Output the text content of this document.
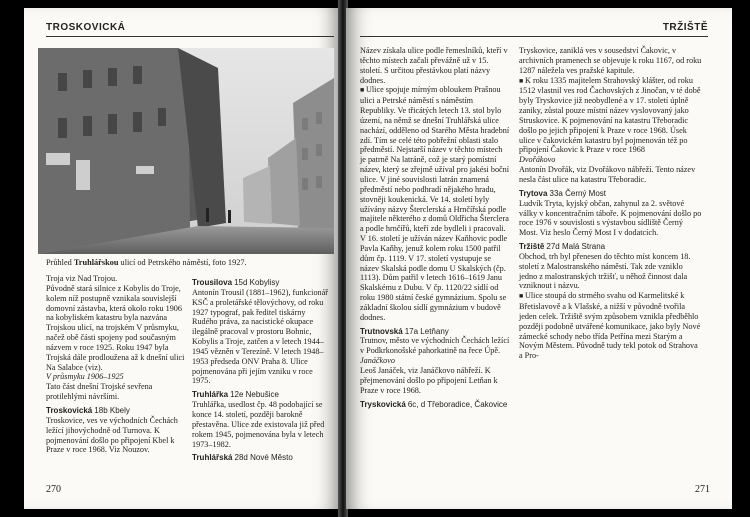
TROSKOVICKÁ
Průhled Truhlářskou ulicí od Petrského náměstí, foto 1927.
Troja viz Nad Trojou.
Původně stará silnice z Kobylis do Troje, kolem níž postupně vznikala souvislejší domovní zástavba, která okolo roku 1906 na kobyliském katastru byla nazvána Trojskou ulicí, na trojském V průsmyku, načež obě části spojeny pod současným názvem v roce 1925. Roku 1947 byla Trojská dále prodloužena až k dnešní ulici Na Salabce (viz).
V průsmyku 1906–1925
Tato část dnešní Trojské sevřena protilehlými návršími.
Troskovická 18b Kbely
Troskovice, ves ve východních Čechách ležící jihovýchodně od Turnova. K pojmenování došlo po připojení Kbel k Praze v roce 1968. Viz Nouzov.
Trousilova 15d Kobylisy
Antonín Trousil (1881–1962), funkcionář KSČ a proletářské tělovýchovy, od roku 1927 typograf, pak ředitel tiskárny Rudého práva, za nacistické okupace ilegálně pracoval v prostoru Bohnic, Kobylis a Troje, zatčen a v letech 1944–1945 vězněn v Terezíně. V letech 1948–1953 předseda ONV Praha 8. Ulice pojmenována při jejím vzniku v roce 1975.
Truhlářka 12e Nebušice
Truhlářka, usedlost čp. 48 podobající se konce 14. století, později barokně přestavěna. Ulice zde existovala již před rokem 1945, pojmenována byla v letech 1973–1982.
Truhlářská 28d Nové Město
270
TRŽIŠTĚ
Název získala ulice podle řemeslníků, kteří v těchto místech začali převážně už v 15. století. S určitou přestávkou platí názvy dodnes.
■ Ulice spojuje mírným obloukem Prašnou ulici a Petrské náměstí s náměstím Republiky. Ve třicátých letech 13. stol bylo území, na němž se dnešní Truhlářská ulice nachází, odděleno od Starého Města hradební zdí. Tím se celé této pobřežní oblasti stalo předměstí. Nejstarší název v těchto místech je patrně Na latráně, což je starý pomístní název, který se zřejmě užíval pro jakési boční ulice. V jiné souvislosti latrán znamená předměstí nebo podhradí nějakého hradu, stovněji koukenická. Ve 14. století byly užívány názvy Šterclerská a Hrnčířská podle majitele některého z domů Oldřicha Šterclera a podle hrnčířů, kteří zde bydleli i pracovali. V 16. století je užíván název Kaňhovic podle Pavla Kaňhy, jenuž kolem roku 1500 patřil dům čp. 1119. V 17. století vystupuje se název Skalská podle domu U Skalských (čp. 1113). Dům patřil v letech 1616–1619 Janu Skalskému z Dubu. V čp. 1120/22 sídlí od roku 1980 státní české gymnázium. Spolu se základní školou sídlí gymnázium v budově dodnes.
Trutnovská 17a Letňany
Trutnov, město ve východních Čechách ležící v Podkrkonošské pahorkatině na řece Úpě.
Janáčkovo
Leoš Janáček, viz Janáčkovo nábřeží. K přejmenování došlo po připojení Letňan k Praze v roce 1968.
Tryskovická 6c, d Třeboradice, Čakovice
Tryskovice, zaniklá ves v sousedství Čakovic, v archivních pramenech se objevuje k roku 1167, od roku 1287 náležela ves pražské kapitule.
■ K roku 1335 majitelem Strahovský klášter, od roku 1512 vlastnil ves rod Čachovských z Jinočan, v té době byly Tryskovice již neobydlené a v 17. století úplně zaniky, zůstal pouze místní název vyslovovaný jako Struskovice. K pojmenování na katastru Třeboradic došlo po jejich připojení k Praze v roce 1968. Úsek ulice v čakovickém katastru byl pojmenován též po připojení Čakovic k Praze v roce 1968
Dvořákovo
Antonín Dvořák, viz Dvořákovo nábřeží. Tento název nesla část ulice na katastru Třeboradic.
Trytova 33a Černý Most
Ludvík Tryta, kyjský občan, zahynul za 2. světové války v koncentračním táboře. K pojmenování došlo po roce 1976 v souvislosti s výstavbou sídliště Černý Most. Viz heslo Černý Most I v dodatcích.
Tržiště 27d Malá Strana
Obchod, trh byl přenesen do těchto míst koncem 18. století z Malostranského náměstí. Tak zde vzniklo jedno z malostranských tržišť, u něhož činnost dala vzniknout i názvu.
■ Ulice stoupá do strmého svahu od Karmelitské k Břetislavově a k Vlašské, a nižší v původně tvořila jeden celek. Tržiště svým způsobem vznikla předběhlo později podobně utvářené komunikace, jako byly Nové zámecké schody nebo třída Petřína mezi Starým a Novým Městem. Původně tudy tekl potok od Strahova a Pro-
271
